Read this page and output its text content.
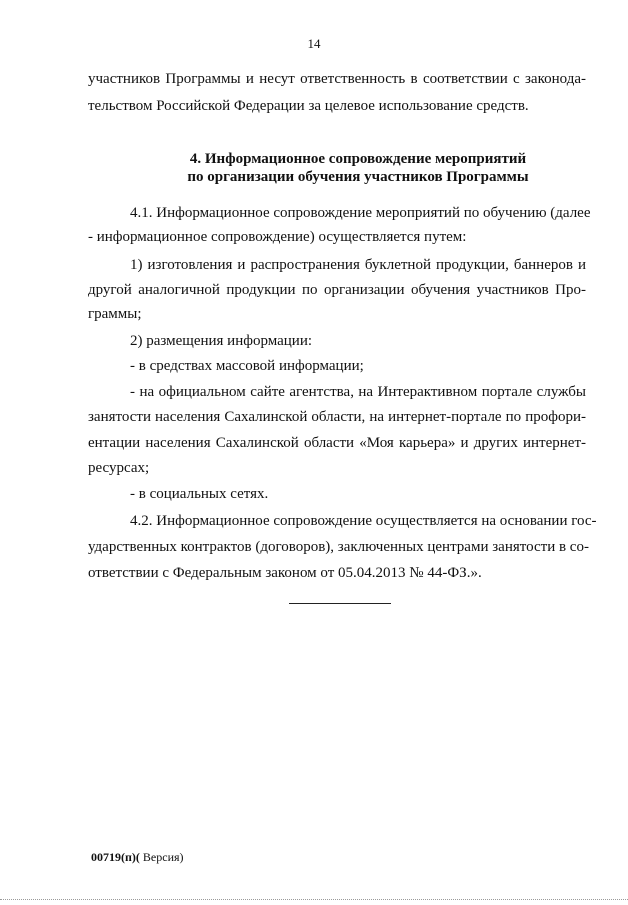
14

участников Программы и несут ответственность в соответствии с законода-

тельством Российской Федерации за целевое использование средств.

4. Информационное сопровождение мероприятий

по организации обучения участников Программы

4.1. Информационное сопровождение мероприятий по обучению (далее

- информационное сопровождение) осуществляется путем:

1) изготовления и распространения буклетной продукции, баннеров и

другой аналогичной продукции по организации обучения участников Про-

граммы;

2) размещения информации:

- в средствах массовой информации;

- на официальном сайте агентства, на Интерактивном портале службы

занятости населения Сахалинской области, на интернет-портале по профори-

ентации населения Сахалинской области «Моя карьера» и других интернет-

ресурсах;

- в социальных сетях.

4.2. Информационное сопровождение осуществляется на основании гос-

ударственных контрактов (договоров), заключенных центрами занятости в со-

ответствии с Федеральным законом от 05.04.2013 № 44-ФЗ.».

00719(п)( Версия)
